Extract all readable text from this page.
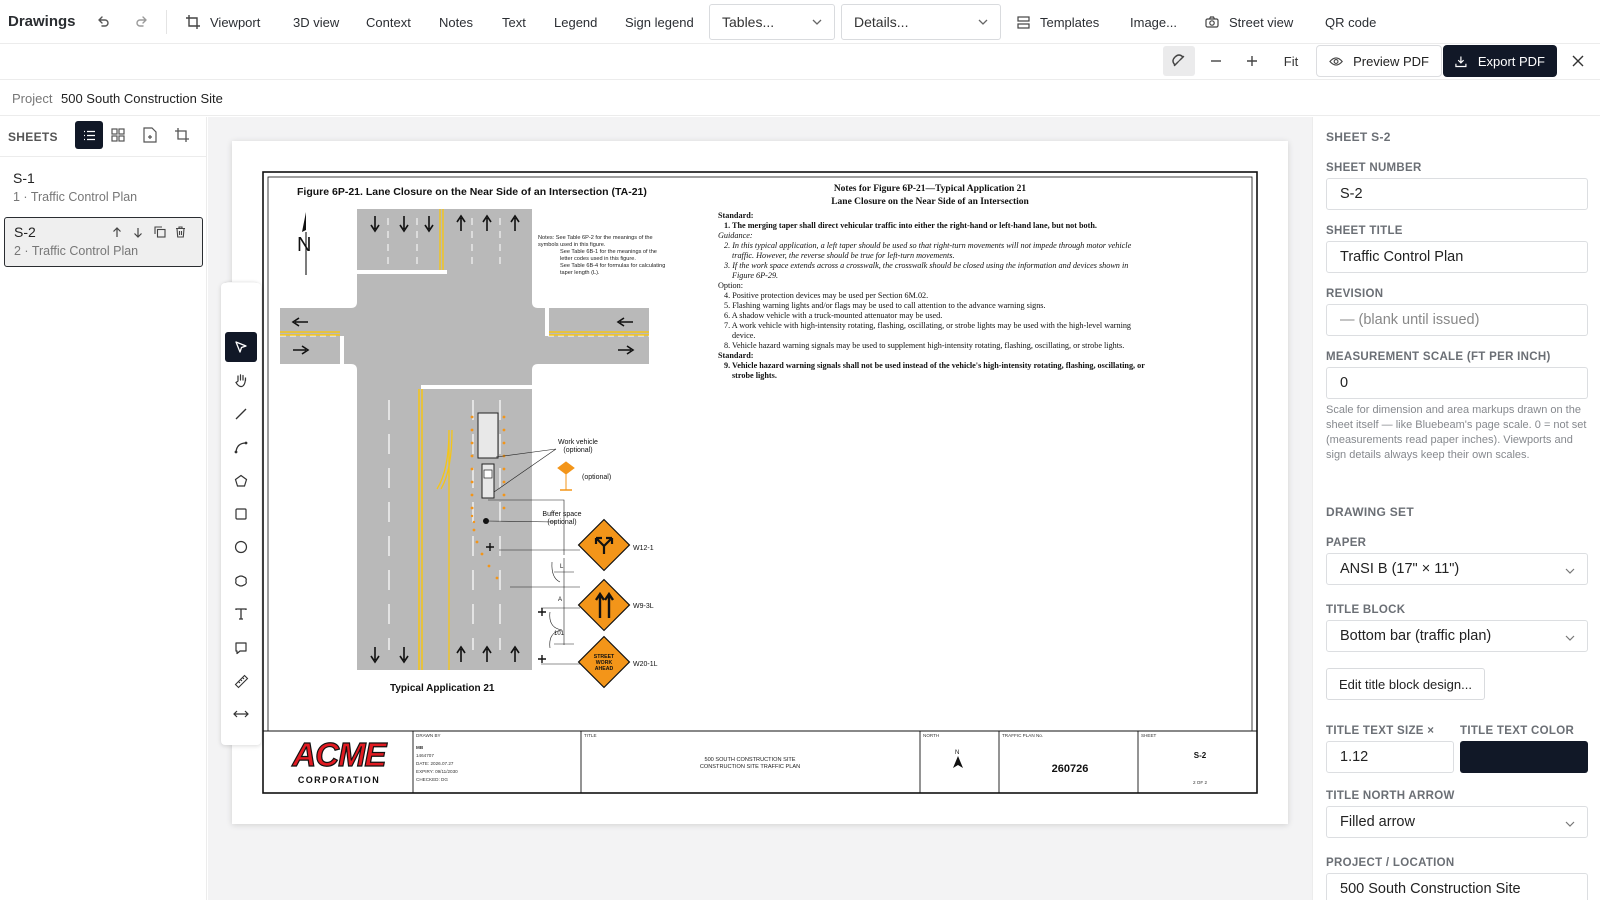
Drawings	Viewport	3D view Context Notes Text Legend Sign legend Tables...	Details...	Templates Image...	Street view QR code
Fit	Preview PDF	Export PDF
Project 500 South Construction Site
SHEETS
S-1
1 · Traffic Control Plan
S-2
2 · Traffic Control Plan
Figure 6P-21. Lane Closure on the Near Side of an Intersection (TA-21)
N	Notes: See Table 6P-2 for the meanings of the symbols used in this figure.
See Table 6B-1 for the meanings of the letter codes used in this figure.
See Table 6B-4 for formulas for calculating taper length (L).
Work vehicle (optional)
(optional)
Buffer space (optional)
W12-1
W9-3L
W20-1L
L
A
101
STREET
WORK
AHEAD
Typical Application 21
Notes for Figure 6P-21—Typical Application 21
Lane Closure on the Near Side of an Intersection
Standard:
1. The merging taper shall direct vehicular traffic into either the right-hand or left-hand lane, but not both.
Guidance:
2. In this typical application, a left taper should be used so that right-turn movements will not impede through motor vehicle traffic. However, the reverse should be true for left-turn movements.
3. If the work space extends across a crosswalk, the crosswalk should be closed using the information and devices shown in Figure 6P-29.
Option:
4. Positive protection devices may be used per Section 6M.02.
5. Flashing warning lights and/or flags may be used to call attention to the advance warning signs.
6. A shadow vehicle with a truck-mounted attenuator may be used.
7. A work vehicle with high-intensity rotating, flashing, oscillating, or strobe lights may be used with the high-level warning device.
8. Vehicle hazard warning signals may be used to supplement high-intensity rotating, flashing, oscillating, or strobe lights.
Standard:
9. Vehicle hazard warning signals shall not be used instead of the vehicle's high-intensity rotating, flashing, oscillating, or strobe lights.
ACME
CORPORATION
DRAWN BY
MB
1464707
DATE: 2026.07.27
EXPIRY: 09/11/2030
CHECKED: DG
TITLE
500 SOUTH CONSTRUCTION SITE
CONSTRUCTION SITE TRAFFIC PLAN
NORTH
N
TRAFFIC PLAN No.
260726
SHEET
S-2
2 OF 2
SHEET S-2
SHEET NUMBER
S-2
SHEET TITLE
Traffic Control Plan
REVISION
— (blank until issued)
MEASUREMENT SCALE (FT PER INCH)
0
Scale for dimension and area markups drawn on the sheet itself — like Bluebeam's page scale. 0 = not set (measurements read paper inches). Viewports and sign details always keep their own scales.
DRAWING SET
PAPER
ANSI B (17" × 11")
TITLE BLOCK
Bottom bar (traffic plan)
Edit title block design...
TITLE TEXT SIZE ×
1.12
TITLE TEXT COLOR
TITLE NORTH ARROW
Filled arrow
PROJECT / LOCATION
500 South Construction Site
